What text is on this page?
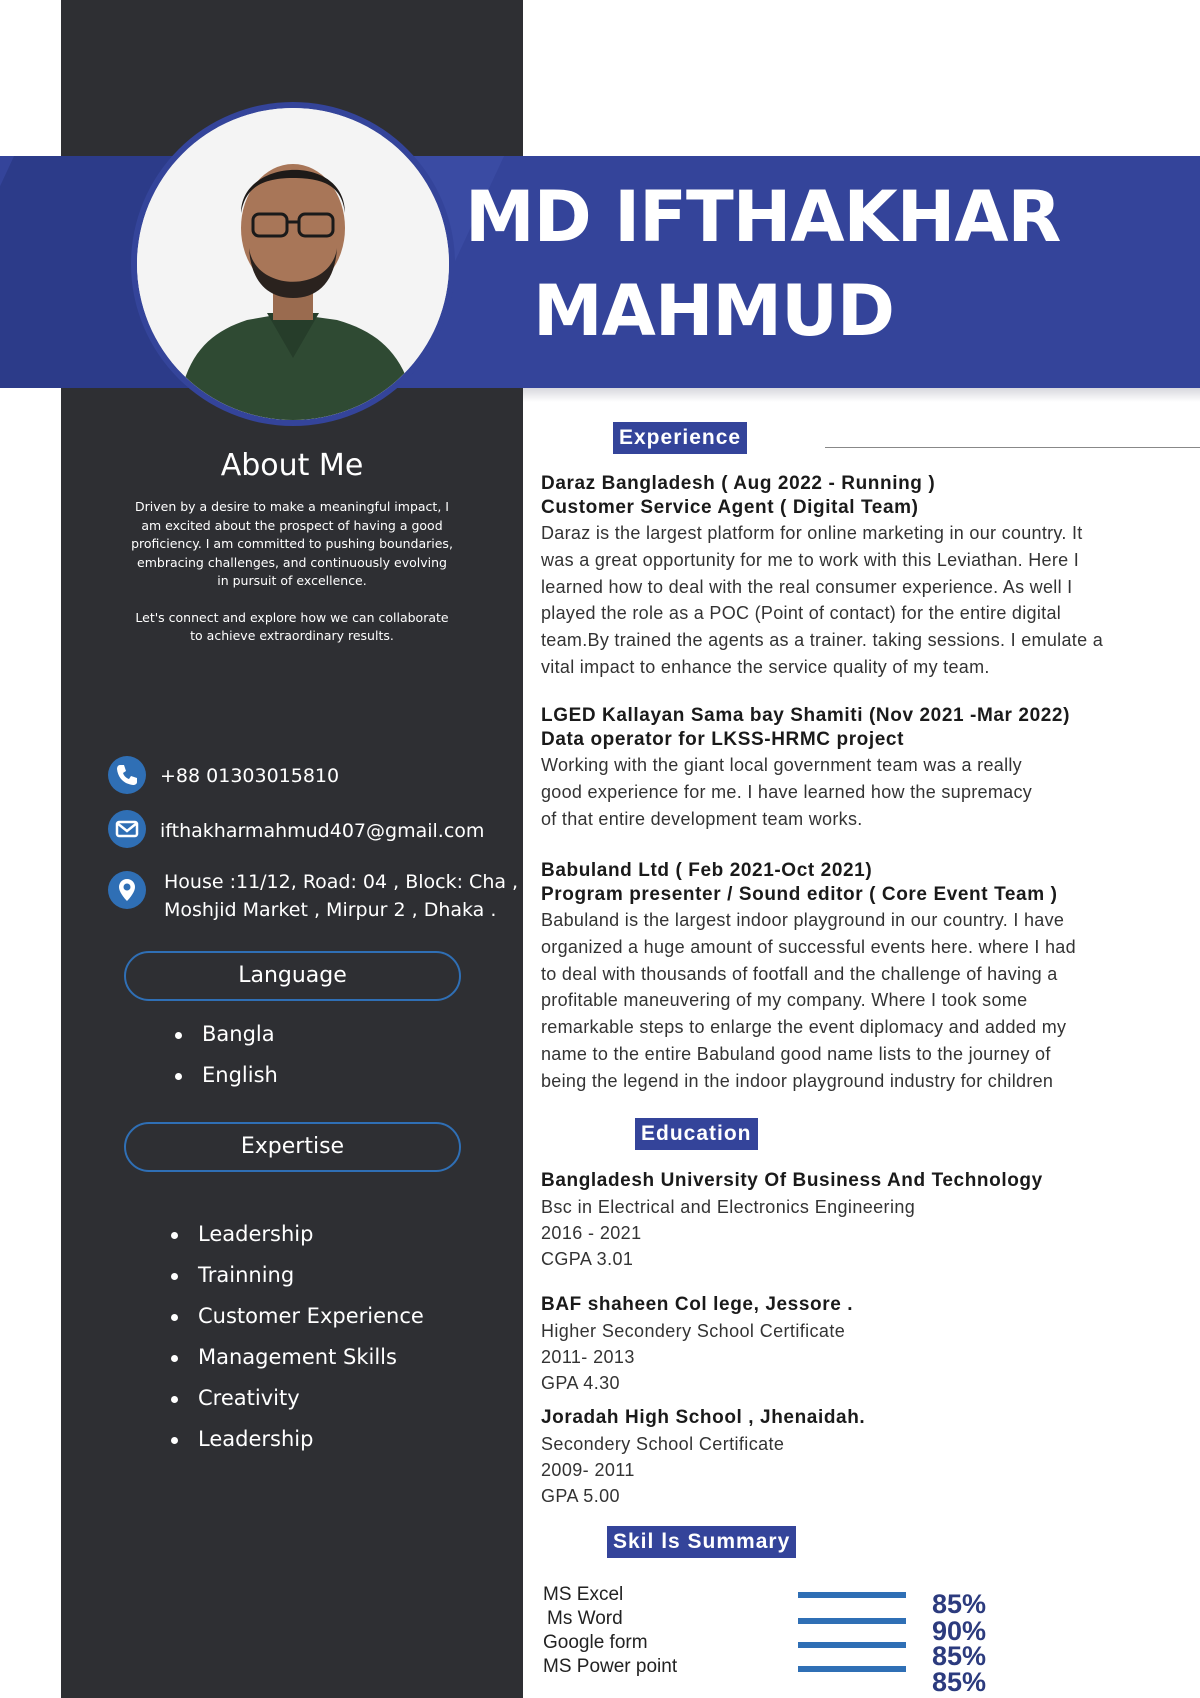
MD IFTHAKHAR
MAHMUD
About Me

Driven by a desire to make a meaningful impact, I am excited about the prospect of having a good proficiency. I am committed to pushing boundaries, embracing challenges, and continuously evolving in pursuit of excellence.

Let's connect and explore how we can collaborate to achieve extraordinary results.

+88 01303015810
ifthakharmahmud407@gmail.com
House :11/12, Road: 04 , Block: Cha ,
Moshjid Market , Mirpur 2 , Dhaka .
Language
Bangla
English
Expertise
Leadership
Trainning
Customer Experience
Management Skills
Creativity
Leadership
Experience
Daraz Bangladesh ( Aug 2022 - Running )
Customer Service Agent ( Digital Team)
Daraz is the largest platform for online marketing in our country. It
was a great opportunity for me to work with this Leviathan. Here I
learned how to deal with the real consumer experience. As well I
played the role as a POC (Point of contact) for the entire digital
team.By trained the agents as a trainer. taking sessions. I emulate a
vital impact to enhance the service quality of my team.
LGED Kallayan Sama bay Shamiti (Nov 2021 -Mar 2022)
Data operator for LKSS-HRMC project
Working with the giant local government team was a really
good experience for me. I have learned how the supremacy
of that entire development team works.
Babuland Ltd ( Feb 2021-Oct 2021)
Program presenter / Sound editor ( Core Event Team )
Babuland is the largest indoor playground in our country. I have
organized a huge amount of successful events here. where I had
to deal with thousands of footfall and the challenge of having a
profitable maneuvering of my company. Where I took some
remarkable steps to enlarge the event diplomacy and added my
name to the entire Babuland good name lists to the journey of
being the legend in the indoor playground industry for children
Education
Bangladesh University Of Business And Technology
Bsc in Electrical and Electronics Engineering
2016 - 2021
CGPA 3.01
BAF shaheen Col lege, Jessore .
Higher Secondery School Certificate
2011- 2013
GPA 4.30
Joradah High School , Jhenaidah.
Secondery School Certificate
2009- 2011
GPA 5.00
Skil ls Summary
MS Excel
Ms Word
Google form
MS Power point
85%
90%
85%
85%
